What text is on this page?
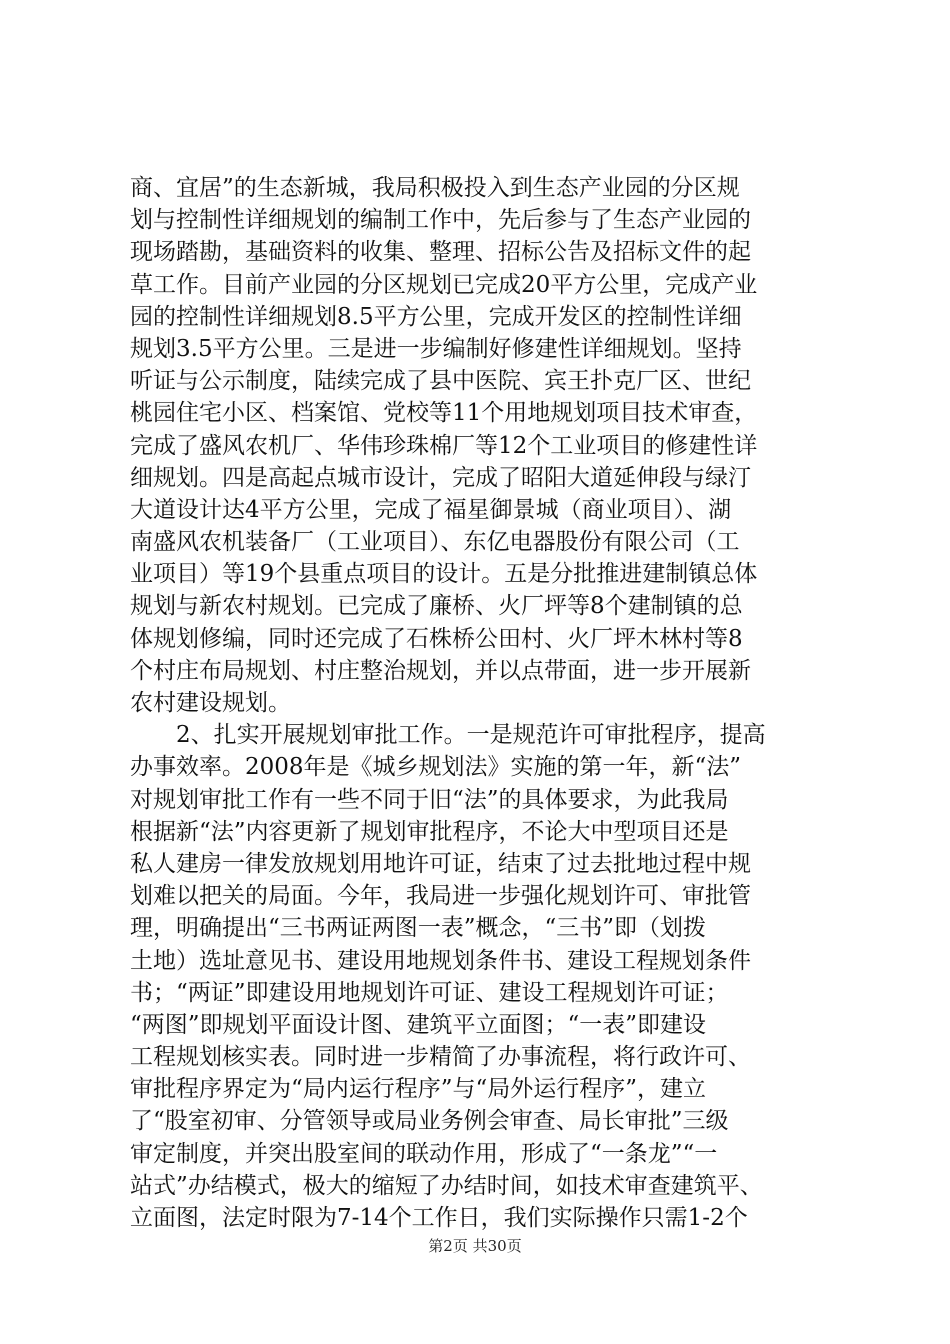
商、宜居”的生态新城，我局积极投入到生态产业园的分区规
划与控制性详细规划的编制工作中，先后参与了生态产业园的
现场踏勘，基础资料的收集、整理、招标公告及招标文件的起
草工作。目前产业园的分区规划已完成20平方公里，完成产业
园的控制性详细规划8.5平方公里，完成开发区的控制性详细
规划3.5平方公里。三是进一步编制好修建性详细规划。坚持
听证与公示制度，陆续完成了县中医院、宾王扑克厂区、世纪
桃园住宅小区、档案馆、党校等11个用地规划项目技术审查，
完成了盛风农机厂、华伟珍珠棉厂等12个工业项目的修建性详
细规划。四是高起点城市设计，完成了昭阳大道延伸段与绿汀
大道设计达4平方公里，完成了福星御景城（商业项目）、湖
南盛风农机装备厂（工业项目）、东亿电器股份有限公司（工
业项目）等19个县重点项目的设计。五是分批推进建制镇总体
规划与新农村规划。已完成了廉桥、火厂坪等8个建制镇的总
体规划修编，同时还完成了石株桥公田村、火厂坪木林村等8
个村庄布局规划、村庄整治规划，并以点带面，进一步开展新
农村建设规划。
2、扎实开展规划审批工作。一是规范许可审批程序，提高
办事效率。2008年是《城乡规划法》实施的第一年，新“法”
对规划审批工作有一些不同于旧“法”的具体要求，为此我局
根据新“法”内容更新了规划审批程序，不论大中型项目还是
私人建房一律发放规划用地许可证，结束了过去批地过程中规
划难以把关的局面。今年，我局进一步强化规划许可、审批管
理，明确提出“三书两证两图一表”概念，“三书”即（划拨
土地）选址意见书、建设用地规划条件书、建设工程规划条件
书；“两证”即建设用地规划许可证、建设工程规划许可证；
“两图”即规划平面设计图、建筑平立面图；“一表”即建设
工程规划核实表。同时进一步精简了办事流程，将行政许可、
审批程序界定为“局内运行程序”与“局外运行程序”，建立
了“股室初审、分管领导或局业务例会审查、局长审批”三级
审定制度，并突出股室间的联动作用，形成了“一条龙”“一
站式”办结模式，极大的缩短了办结时间，如技术审查建筑平、
立面图，法定时限为7-14个工作日，我们实际操作只需1-2个
第2页 共30页
